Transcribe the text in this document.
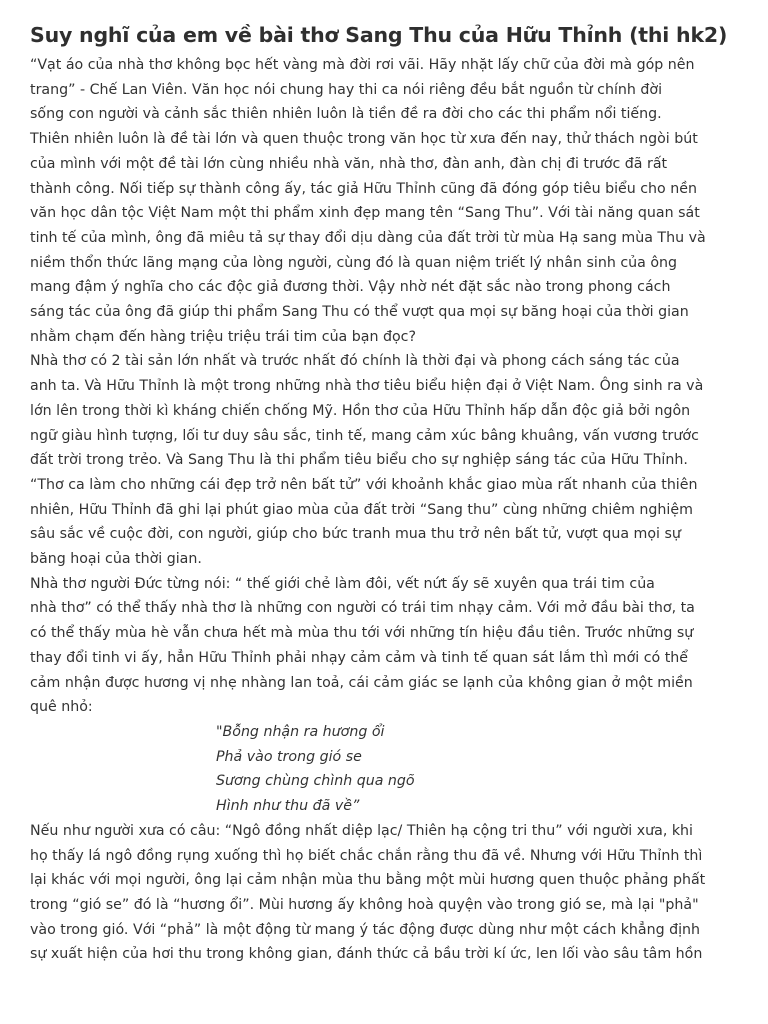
Suy nghĩ của em về bài thơ Sang Thu của Hữu Thỉnh (thi hk2)

“Vạt áo của nhà thơ không bọc hết vàng mà đời rơi vãi. Hãy nhặt lấy chữ của đời mà góp nên
trang” - Chế Lan Viên. Văn học nói chung hay thi ca nói riêng đều bắt nguồn từ chính đời
sống con người và cảnh sắc thiên nhiên luôn là tiền đề ra đời cho các thi phẩm nổi tiếng.
Thiên nhiên luôn là đề tài lớn và quen thuộc trong văn học từ xưa đến nay, thử thách ngòi bút
của mình với một đề tài lớn cùng nhiều nhà văn, nhà thơ, đàn anh, đàn chị đi trước đã rất
thành công. Nối tiếp sự thành công ấy, tác giả Hữu Thỉnh cũng đã đóng góp tiêu biểu cho nền
văn học dân tộc Việt Nam một thi phẩm xinh đẹp mang tên “Sang Thu”. Với tài năng quan sát
tinh tế của mình, ông đã miêu tả sự thay đổi dịu dàng của đất trời từ mùa Hạ sang mùa Thu và
niềm thổn thức lãng mạng của lòng người, cùng đó là quan niệm triết lý nhân sinh của ông
mang đậm ý nghĩa cho các độc giả đương thời. Vậy nhờ nét đặt sắc nào trong phong cách
sáng tác của ông đã giúp thi phẩm Sang Thu có thể vượt qua mọi sự băng hoại của thời gian
nhằm chạm đến hàng triệu triệu trái tim của bạn đọc?

Nhà thơ có 2 tài sản lớn nhất và trước nhất đó chính là thời đại và phong cách sáng tác của
anh ta. Và Hữu Thỉnh là một trong những nhà thơ tiêu biểu hiện đại ở Việt Nam. Ông sinh ra và
lớn lên trong thời kì kháng chiến chống Mỹ. Hồn thơ của Hữu Thỉnh hấp dẫn độc giả bởi ngôn
ngữ giàu hình tượng, lối tư duy sâu sắc, tinh tế, mang cảm xúc bâng khuâng, vấn vương trước
đất trời trong trẻo. Và Sang Thu là thi phẩm tiêu biểu cho sự nghiệp sáng tác của Hữu Thỉnh.
“Thơ ca làm cho những cái đẹp trở nên bất tử” với khoảnh khắc giao mùa rất nhanh của thiên
nhiên, Hữu Thỉnh đã ghi lại phút giao mùa của đất trời “Sang thu” cùng những chiêm nghiệm
sâu sắc về cuộc đời, con người, giúp cho bức tranh mua thu trở nên bất tử, vượt qua mọi sự
băng hoại của thời gian.

Nhà thơ người Đức từng nói: “ thế giới chẻ làm đôi, vết nứt ấy sẽ xuyên qua trái tim của
nhà thơ” có thể thấy nhà thơ là những con người có trái tim nhạy cảm. Với mở đầu bài thơ, ta
có thể thấy mùa hè vẫn chưa hết mà mùa thu tới với những tín hiệu đầu tiên. Trước những sự
thay đổi tinh vi ấy, hẳn Hữu Thỉnh phải nhạy cảm cảm và tinh tế quan sát lắm thì mới có thể
cảm nhận được hương vị nhẹ nhàng lan toả, cái cảm giác se lạnh của không gian ở một miền
quê nhỏ:

"Bỗng nhận ra hương ổi
Phả vào trong gió se
Sương chùng chình qua ngõ
Hình như thu đã về”

Nếu như người xưa có câu: “Ngô đồng nhất diệp lạc/ Thiên hạ cộng tri thu” với người xưa, khi
họ thấy lá ngô đồng rụng xuống thì họ biết chắc chắn rằng thu đã về. Nhưng với Hữu Thỉnh thì
lại khác với mọi người, ông lại cảm nhận mùa thu bằng một mùi hương quen thuộc phảng phất
trong “gió se” đó là “hương ổi”. Mùi hương ấy không hoà quyện vào trong gió se, mà lại "phả"
vào trong gió. Với “phả” là một động từ mang ý tác động được dùng như một cách khẳng định
sự xuất hiện của hơi thu trong không gian, đánh thức cả bầu trời kí ức, len lối vào sâu tâm hồn
